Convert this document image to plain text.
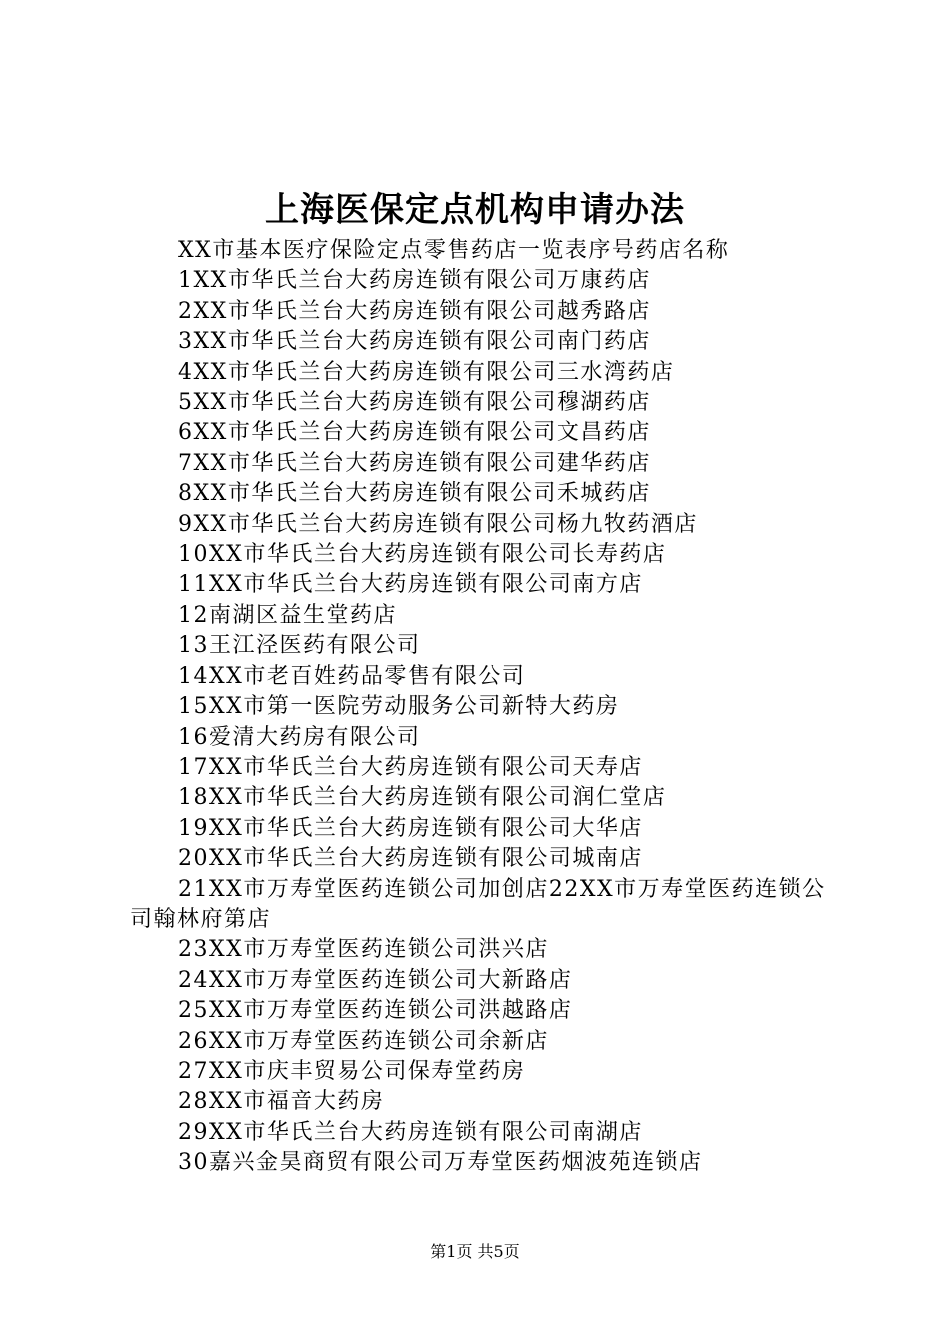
上海医保定点机构申请办法
XX市基本医疗保险定点零售药店一览表序号药店名称
1XX市华氏兰台大药房连锁有限公司万康药店
2XX市华氏兰台大药房连锁有限公司越秀路店
3XX市华氏兰台大药房连锁有限公司南门药店
4XX市华氏兰台大药房连锁有限公司三水湾药店
5XX市华氏兰台大药房连锁有限公司穆湖药店
6XX市华氏兰台大药房连锁有限公司文昌药店
7XX市华氏兰台大药房连锁有限公司建华药店
8XX市华氏兰台大药房连锁有限公司禾城药店
9XX市华氏兰台大药房连锁有限公司杨九牧药酒店
10XX市华氏兰台大药房连锁有限公司长寿药店
11XX市华氏兰台大药房连锁有限公司南方店
12南湖区益生堂药店
13王江泾医药有限公司
14XX市老百姓药品零售有限公司
15XX市第一医院劳动服务公司新特大药房
16爱清大药房有限公司
17XX市华氏兰台大药房连锁有限公司天寿店
18XX市华氏兰台大药房连锁有限公司润仁堂店
19XX市华氏兰台大药房连锁有限公司大华店
20XX市华氏兰台大药房连锁有限公司城南店
21XX市万寿堂医药连锁公司加创店22XX市万寿堂医药连锁公司翰林府第店
23XX市万寿堂医药连锁公司洪兴店
24XX市万寿堂医药连锁公司大新路店
25XX市万寿堂医药连锁公司洪越路店
26XX市万寿堂医药连锁公司余新店
27XX市庆丰贸易公司保寿堂药房
28XX市福音大药房
29XX市华氏兰台大药房连锁有限公司南湖店
30嘉兴金昊商贸有限公司万寿堂医药烟波苑连锁店
第1页 共5页
